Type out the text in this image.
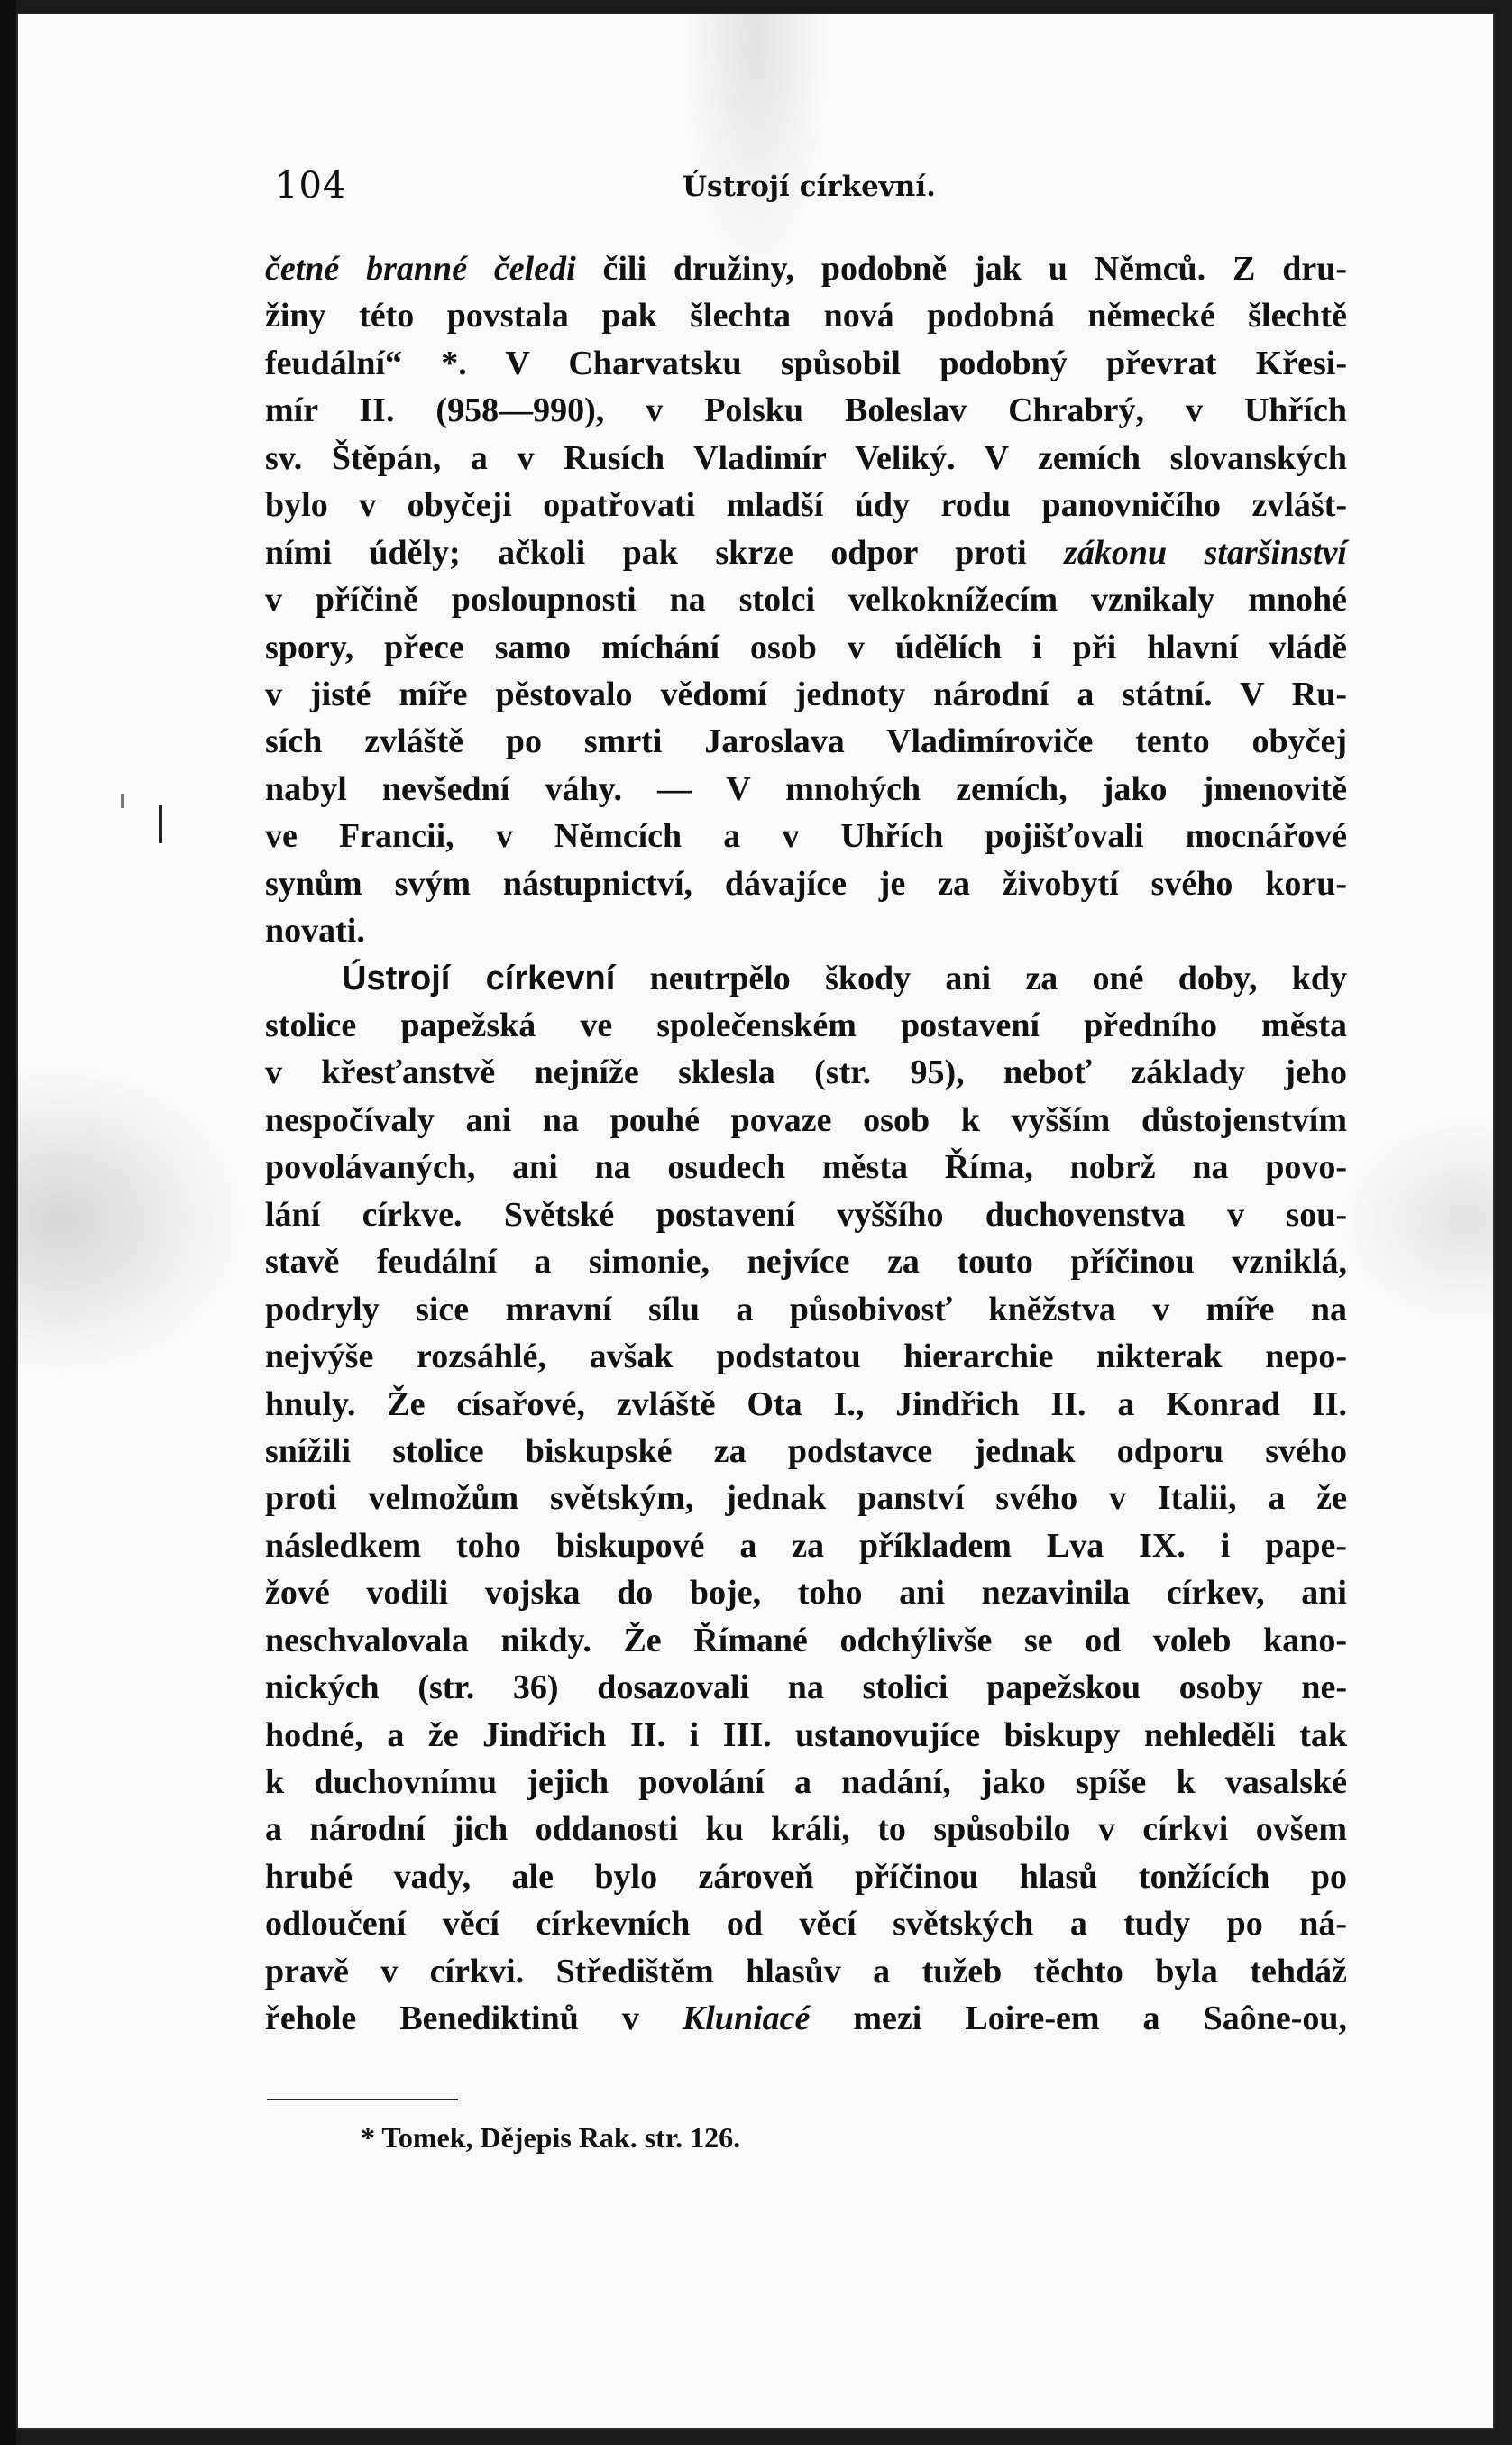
104	Ústrojí církevní.
četné branné čeledi čili družiny, podobně jak u Němců. Z dru-
žiny této povstala pak šlechta nová podobná německé šlechtě
feudální“ *. V Charvatsku spůsobil podobný převrat Křesi-
mír II. (958—990), v Polsku Boleslav Chrabrý, v Uhřích
sv. Štěpán, a v Rusích Vladimír Veliký. V zemích slovanských
bylo v obyčeji opatřovati mladší údy rodu panovničího zvlášt-
ními úděly; ačkoli pak skrze odpor proti zákonu staršinství
v příčině posloupnosti na stolci velkoknížecím vznikaly mnohé
spory, přece samo míchání osob v údělích i při hlavní vládě
v jisté míře pěstovalo vědomí jednoty národní a státní. V Ru-
sích zvláště po smrti Jaroslava Vladimíroviče tento obyčej
nabyl nevšední váhy. — V mnohých zemích, jako jmenovitě
ve Francii, v Němcích a v Uhřích pojišťovali mocnářové
synům svým nástupnictví, dávajíce je za živobytí svého koru-
novati.
Ústrojí církevní neutrpělo škody ani za oné doby, kdy
stolice papežská ve společenském postavení předního města
v křesťanstvě nejníže sklesla (str. 95), neboť základy jeho
nespočívaly ani na pouhé povaze osob k vyšším důstojenstvím
povolávaných, ani na osudech města Říma, nobrž na povo-
lání církve. Světské postavení vyššího duchovenstva v sou-
stavě feudální a simonie, nejvíce za touto příčinou vzniklá,
podryly sice mravní sílu a působivosť kněžstva v míře na
nejvýše rozsáhlé, avšak podstatou hierarchie nikterak nepo-
hnuly. Že císařové, zvláště Ota I., Jindřich II. a Konrad II.
snížili stolice biskupské za podstavce jednak odporu svého
proti velmožům světským, jednak panství svého v Italii, a že
následkem toho biskupové a za příkladem Lva IX. i pape-
žové vodili vojska do boje, toho ani nezavinila církev, ani
neschvalovala nikdy. Že Římané odchýlivše se od voleb kano-
nických (str. 36) dosazovali na stolici papežskou osoby ne-
hodné, a že Jindřich II. i III. ustanovujíce biskupy nehleděli tak
k duchovnímu jejich povolání a nadání, jako spíše k vasalské
a národní jich oddanosti ku králi, to spůsobilo v církvi ovšem
hrubé vady, ale bylo zároveň příčinou hlasů tonžících po
odloučení věcí církevních od věcí světských a tudy po ná-
pravě v církvi. Středištěm hlasův a tužeb těchto byla tehdáž
řehole Benediktinů v Kluniacé mezi Loire-em a Saône-ou,
* Tomek, Dějepis Rak. str. 126.
